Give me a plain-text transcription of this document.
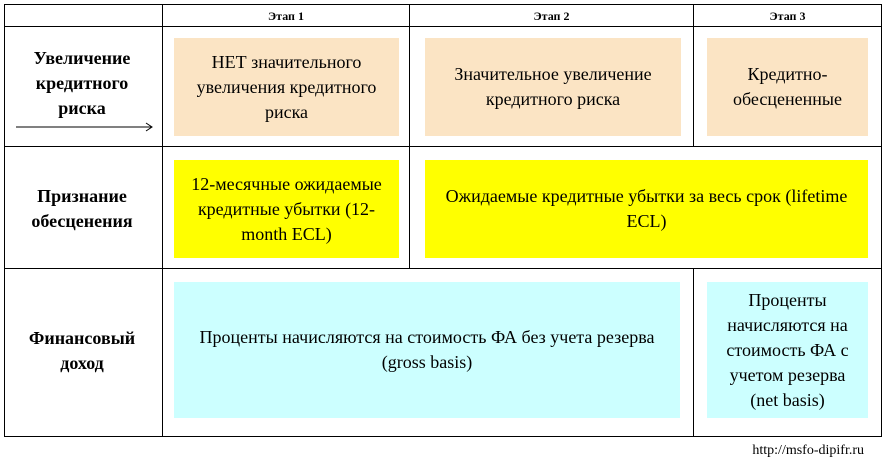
Этап 1	Этап 2	Этап 3
Увеличение
кредитного
риска
НЕТ значительного увеличения кредитного риска
Значительное увеличение кредитного риска
Кредитно-обесцененные
Признание
обесценения
12-месячные ожидаемые кредитные убытки (12-month ECL)
Ожидаемые кредитные убытки за весь срок (lifetime ECL)
Финансовый
доход
Проценты начисляются на стоимость ФА без учета резерва (gross basis)
Проценты начисляются на стоимость ФА с учетом резерва (net basis)
http://msfo-dipifr.ru
